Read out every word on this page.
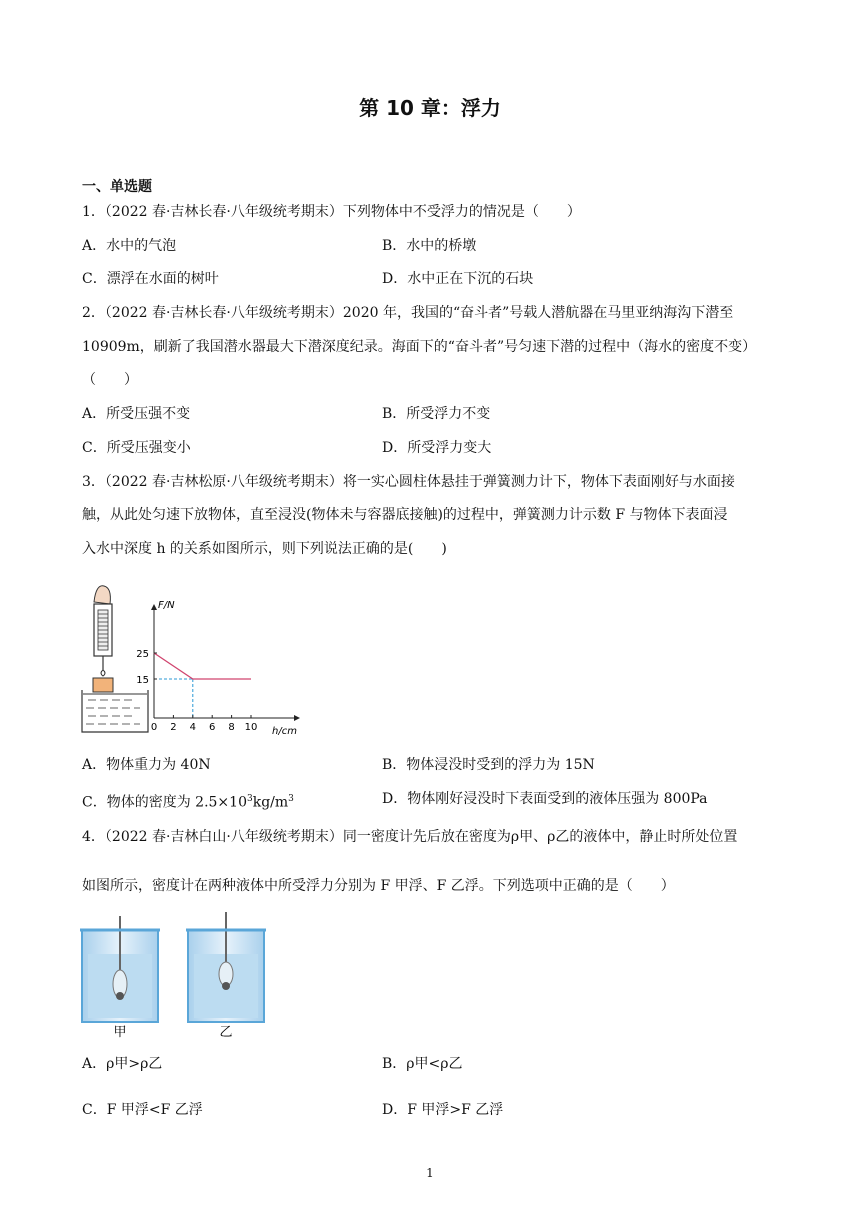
第 10 章：浮力
一、单选题
1．（2022 春·吉林长春·八年级统考期末）下列物体中不受浮力的情况是（　　）
A．水中的气泡	B．水中的桥墩
C．漂浮在水面的树叶	D．水中正在下沉的石块
2．（2022 春·吉林长春·八年级统考期末）2020 年，我国的“奋斗者”号载人潜航器在马里亚纳海沟下潜至
10909m，刷新了我国潜水器最大下潜深度纪录。海面下的“奋斗者”号匀速下潜的过程中（海水的密度不变）
（　　）
A．所受压强不变	B．所受浮力不变
C．所受压强变小	D．所受浮力变大
3．（2022 春·吉林松原·八年级统考期末）将一实心圆柱体悬挂于弹簧测力计下，物体下表面刚好与水面接
触，从此处匀速下放物体，直至浸没(物体未与容器底接触)的过程中，弹簧测力计示数 F 与物体下表面浸
入水中深度 h 的关系如图所示，则下列说法正确的是(　　)
0 2 4 6 8 10
15
25
F/N
h/cm
A．物体重力为 40N	B．物体浸没时受到的浮力为 15N
C．物体的密度为 $2.5\times 10^3kg/m^3$	D．物体刚好浸没时下表面受到的液体压强为 800Pa
4．（2022 春·吉林白山·八年级统考期末）同一密度计先后放在密度为ρ甲、ρ乙的液体中，静止时所处位置
如图所示，密度计在两种液体中所受浮力分别为 F 甲浮、F 乙浮。下列选项中正确的是（　　）
甲	乙
A．ρ甲>ρ乙	B．ρ甲<ρ乙
C．F 甲浮<F 乙浮	D．F 甲浮>F 乙浮
1
